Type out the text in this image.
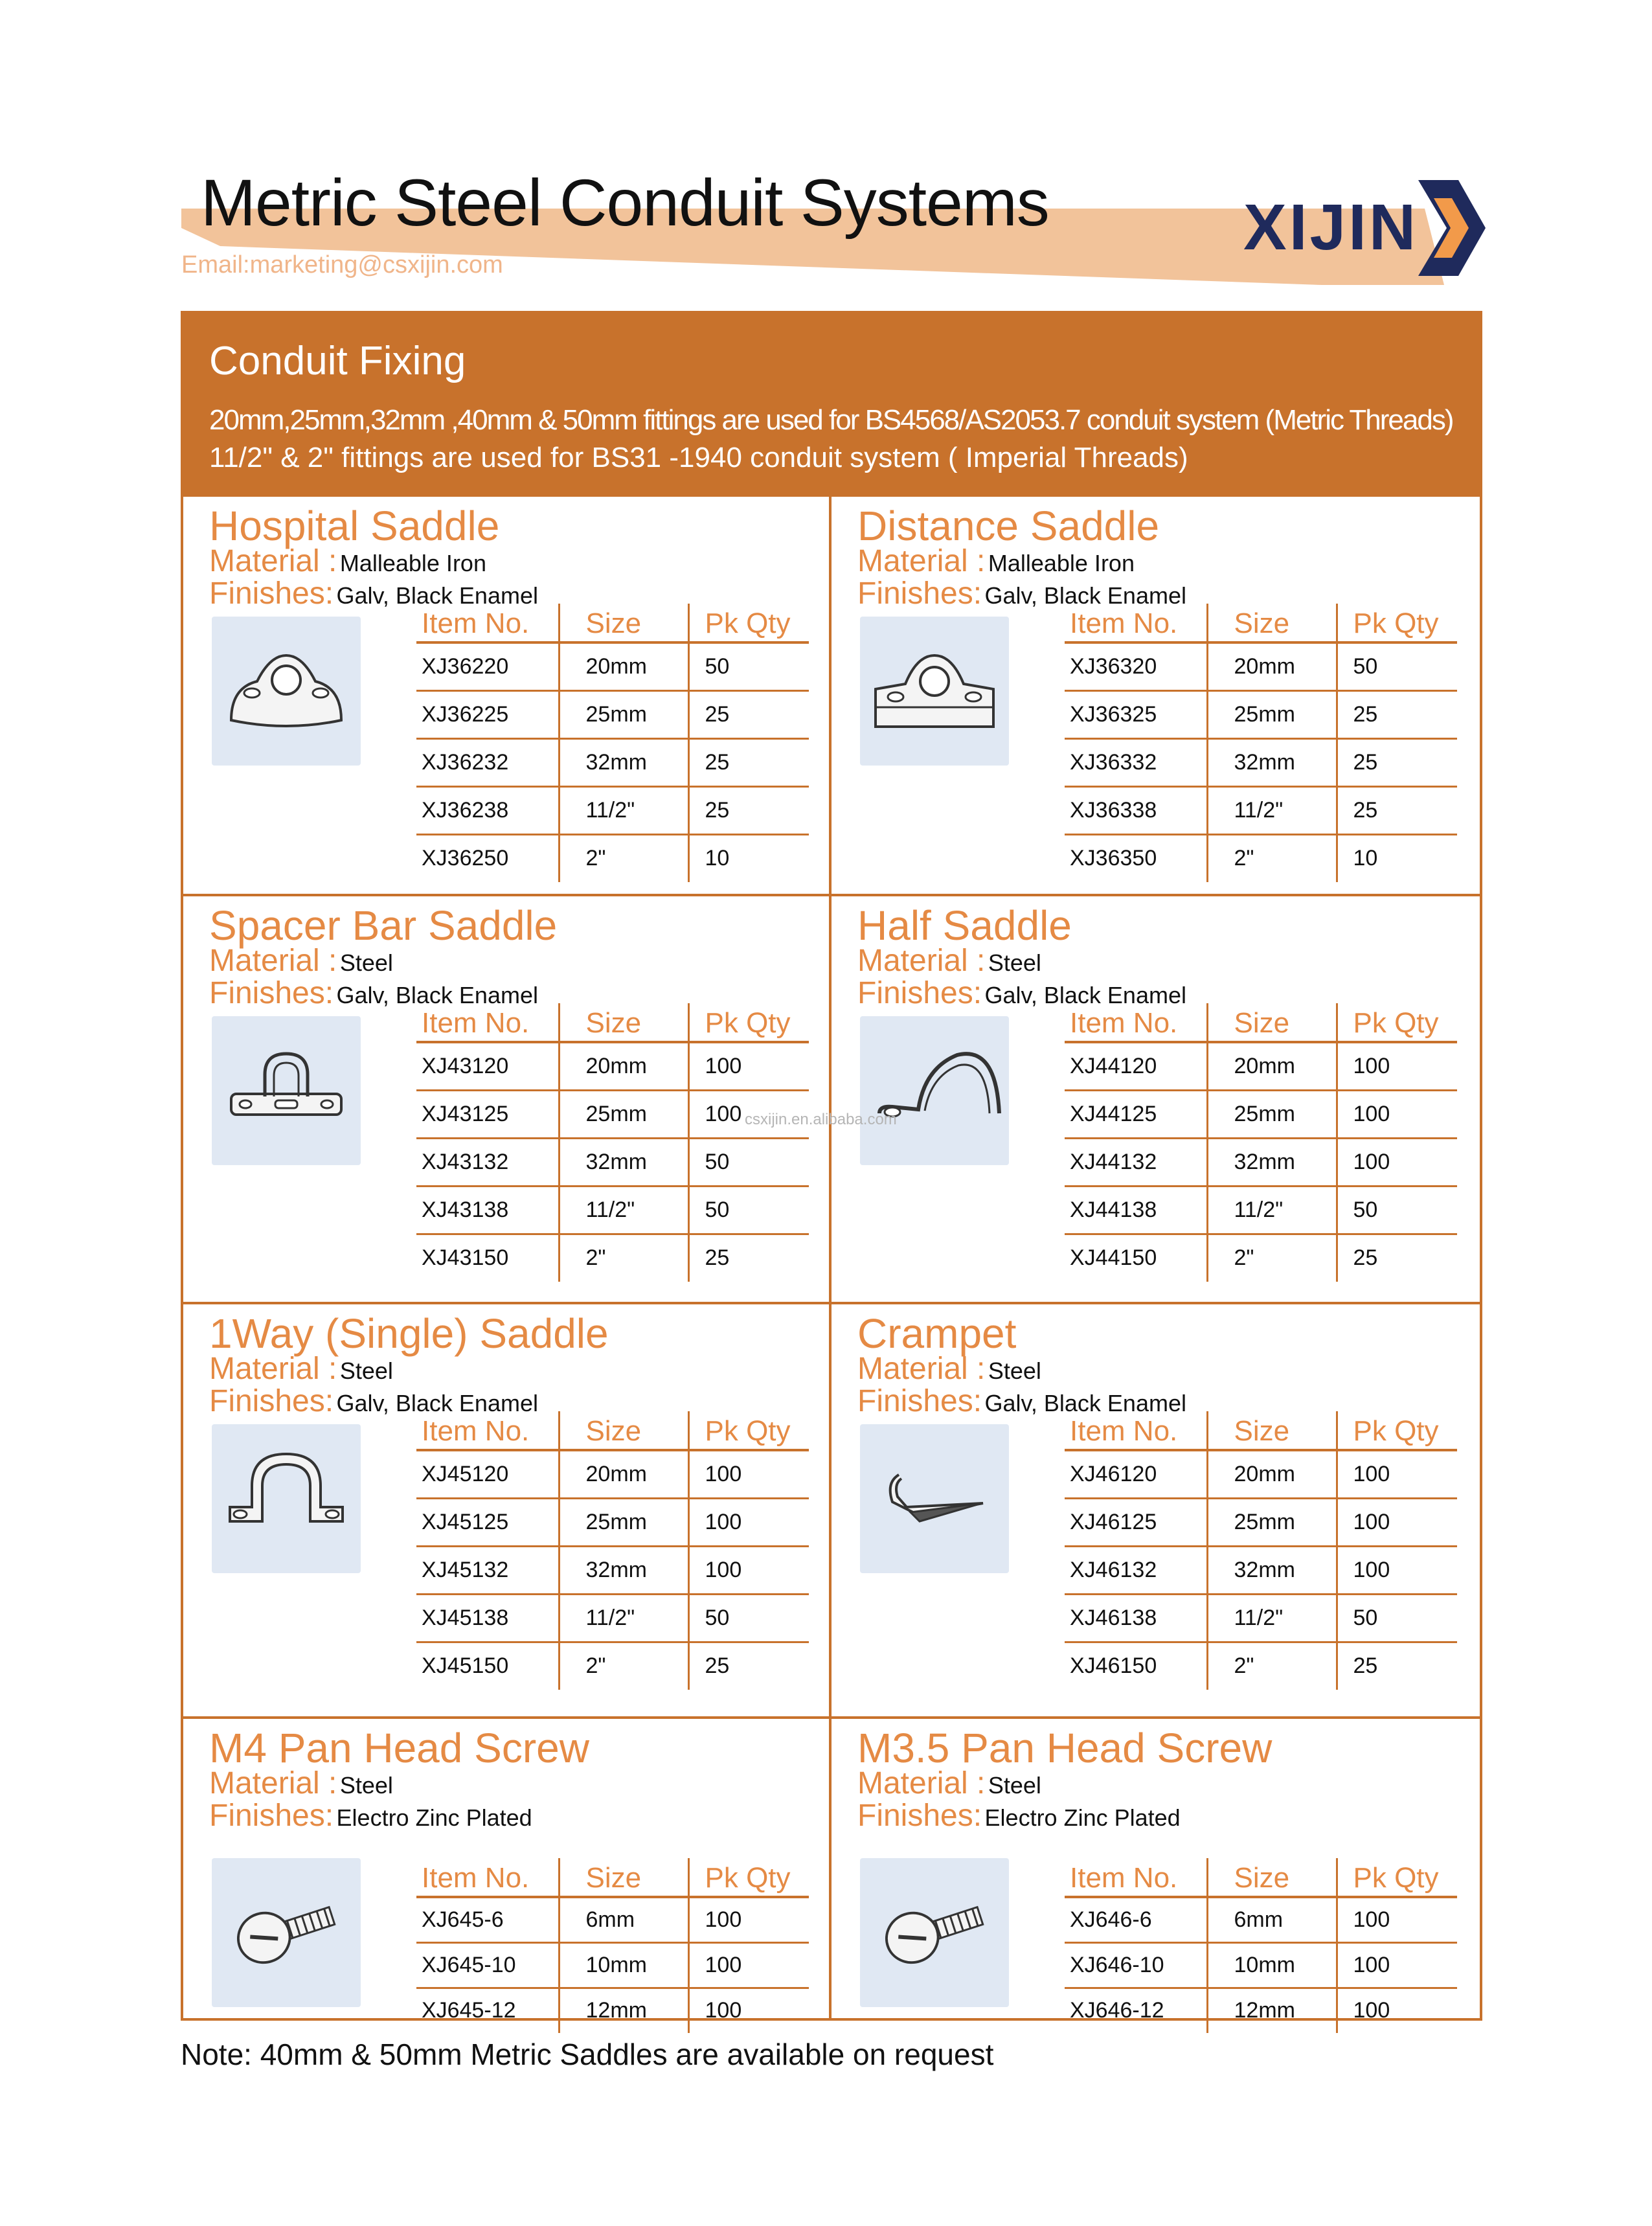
Metric Steel Conduit Systems
Email:marketing@csxijin.com
XIJIN
Conduit Fixing
20mm,25mm,32mm ,40mm & 50mm fittings are used for BS4568/AS2053.7 conduit system (Metric Threads)
11/2" & 2" fittings are used for BS31 -1940 conduit system ( Imperial Threads)
Hospital Saddle
Material : Malleable Iron
Finishes: Galv, Black Enamel
Item No.	Size	Pk Qty
XJ36220	20mm	50
XJ36225	25mm	25
XJ36232	32mm	25
XJ36238	11/2"	25
XJ36250	2"	10
Distance Saddle
Material : Malleable Iron
Finishes: Galv, Black Enamel
Item No.	Size	Pk Qty
XJ36320	20mm	50
XJ36325	25mm	25
XJ36332	32mm	25
XJ36338	11/2"	25
XJ36350	2"	10
Spacer Bar Saddle
Material : Steel
Finishes: Galv, Black Enamel
Item No.	Size	Pk Qty
XJ43120	20mm	100
XJ43125	25mm	100
XJ43132	32mm	50
XJ43138	11/2"	50
XJ43150	2"	25
Half Saddle
Material : Steel
Finishes: Galv, Black Enamel
Item No.	Size	Pk Qty
XJ44120	20mm	100
XJ44125	25mm	100
XJ44132	32mm	100
XJ44138	11/2"	50
XJ44150	2"	25
1Way (Single) Saddle
Material : Steel
Finishes: Galv, Black Enamel
Item No.	Size	Pk Qty
XJ45120	20mm	100
XJ45125	25mm	100
XJ45132	32mm	100
XJ45138	11/2"	50
XJ45150	2"	25
Crampet
Material : Steel
Finishes: Galv, Black Enamel
Item No.	Size	Pk Qty
XJ46120	20mm	100
XJ46125	25mm	100
XJ46132	32mm	100
XJ46138	11/2"	50
XJ46150	2"	25
M4 Pan Head Screw
Material : Steel
Finishes: Electro Zinc Plated
Item No.	Size	Pk Qty
XJ645-6	6mm	100
XJ645-10	10mm	100
XJ645-12	12mm	100
M3.5 Pan Head Screw
Material : Steel
Finishes: Electro Zinc Plated
Item No.	Size	Pk Qty
XJ646-6	6mm	100
XJ646-10	10mm	100
XJ646-12	12mm	100
csxijin.en.alibaba.com
Note: 40mm & 50mm Metric Saddles are available on request
